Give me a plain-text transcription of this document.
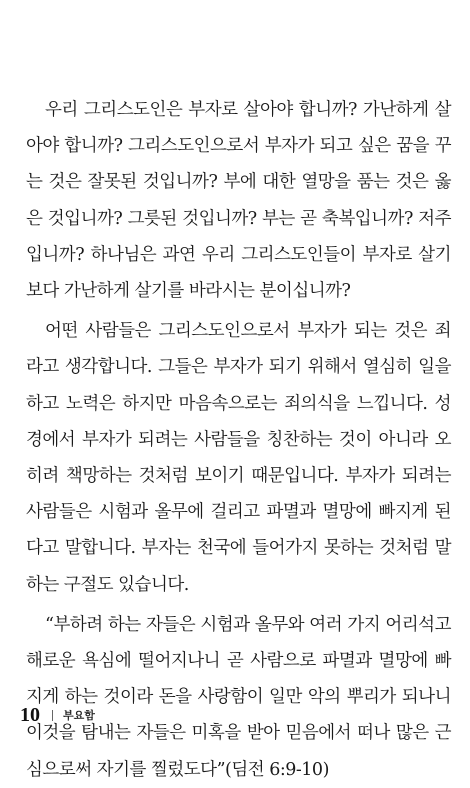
우리 그리스도인은 부자로 살아야 합니까? 가난하게 살아야 합니까? 그리스도인으로서 부자가 되고 싶은 꿈을 꾸는 것은 잘못된 것입니까? 부에 대한 열망을 품는 것은 옳은 것입니까? 그릇된 것입니까? 부는 곧 축복입니까? 저주입니까? 하나님은 과연 우리 그리스도인들이 부자로 살기 보다 가난하게 살기를 바라시는 분이십니까?

어떤 사람들은 그리스도인으로서 부자가 되는 것은 죄라고 생각합니다. 그들은 부자가 되기 위해서 열심히 일을 하고 노력은 하지만 마음속으로는 죄의식을 느낍니다. 성경에서 부자가 되려는 사람들을 칭찬하는 것이 아니라 오히려 책망하는 것처럼 보이기 때문입니다. 부자가 되려는 사람들은 시험과 올무에 걸리고 파멸과 멸망에 빠지게 된다고 말합니다. 부자는 천국에 들어가지 못하는 것처럼 말하는 구절도 있습니다.

“부하려 하는 자들은 시험과 올무와 여러 가지 어리석고 해로운 욕심에 떨어지나니 곧 사람으로 파멸과 멸망에 빠지게 하는 것이라 돈을 사랑함이 일만 악의 뿌리가 되나니 이것을 탐내는 자들은 미혹을 받아 믿음에서 떠나 많은 근심으로써 자기를 찔렀도다”(딤전 6:9-10)

10 부요함
